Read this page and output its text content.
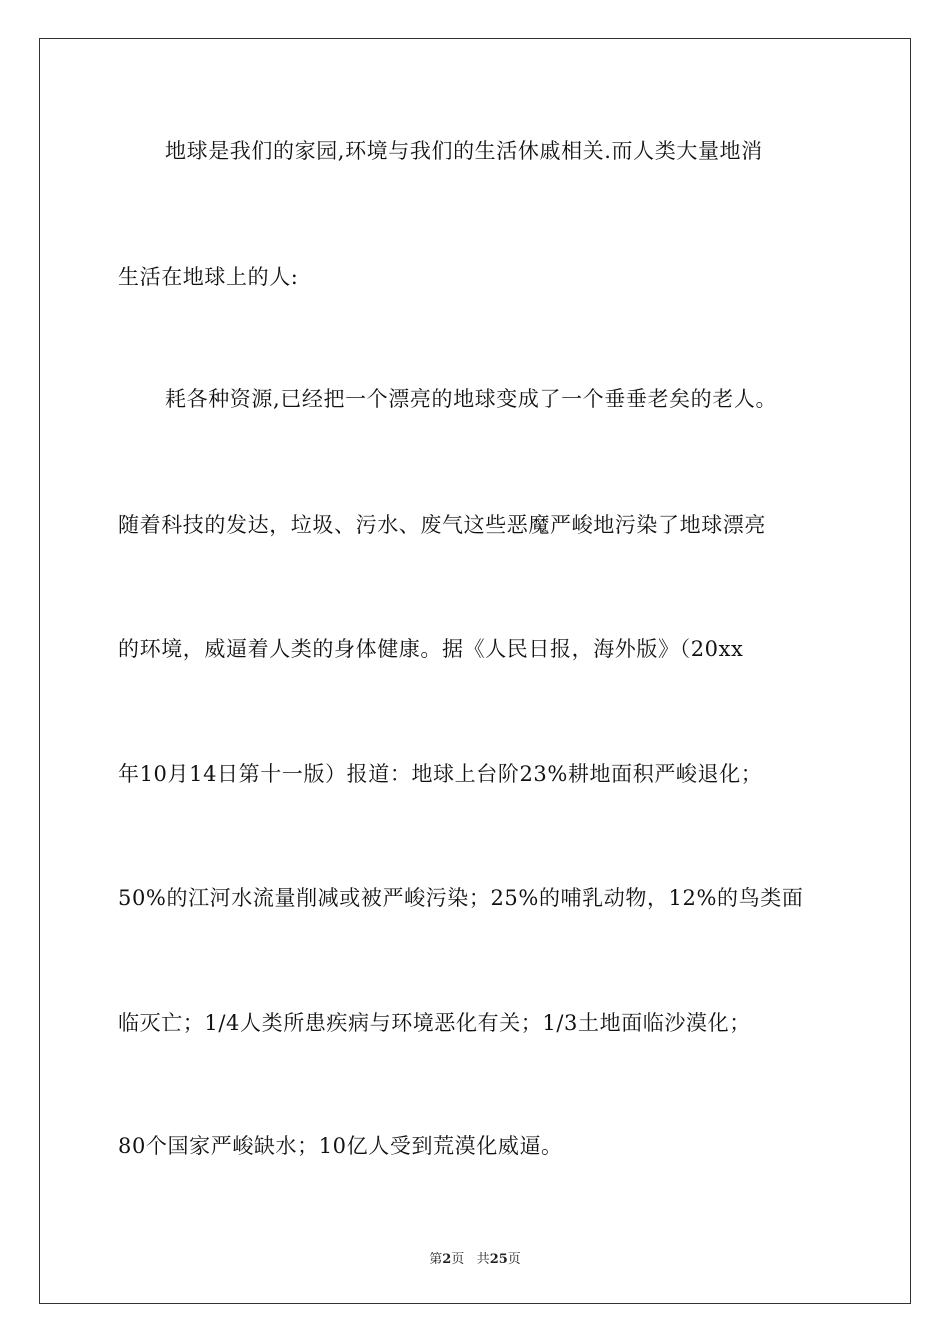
地球是我们的家园,环境与我们的生活休戚相关.而人类大量地消
生活在地球上的人:
耗各种资源,已经把一个漂亮的地球变成了一个垂垂老矣的老人。
随着科技的发达，垃圾、污水、废气这些恶魔严峻地污染了地球漂亮
的环境，威逼着人类的身体健康。据《人民日报，海外版》（20xx
年10月14日第十一版）报道：地球上台阶23%耕地面积严峻退化；
50%的江河水流量削减或被严峻污染；25%的哺乳动物，12%的鸟类面
临灭亡；1/4人类所患疾病与环境恶化有关；1/3土地面临沙漠化；
80个国家严峻缺水；10亿人受到荒漠化威逼。
第2页 共25页
